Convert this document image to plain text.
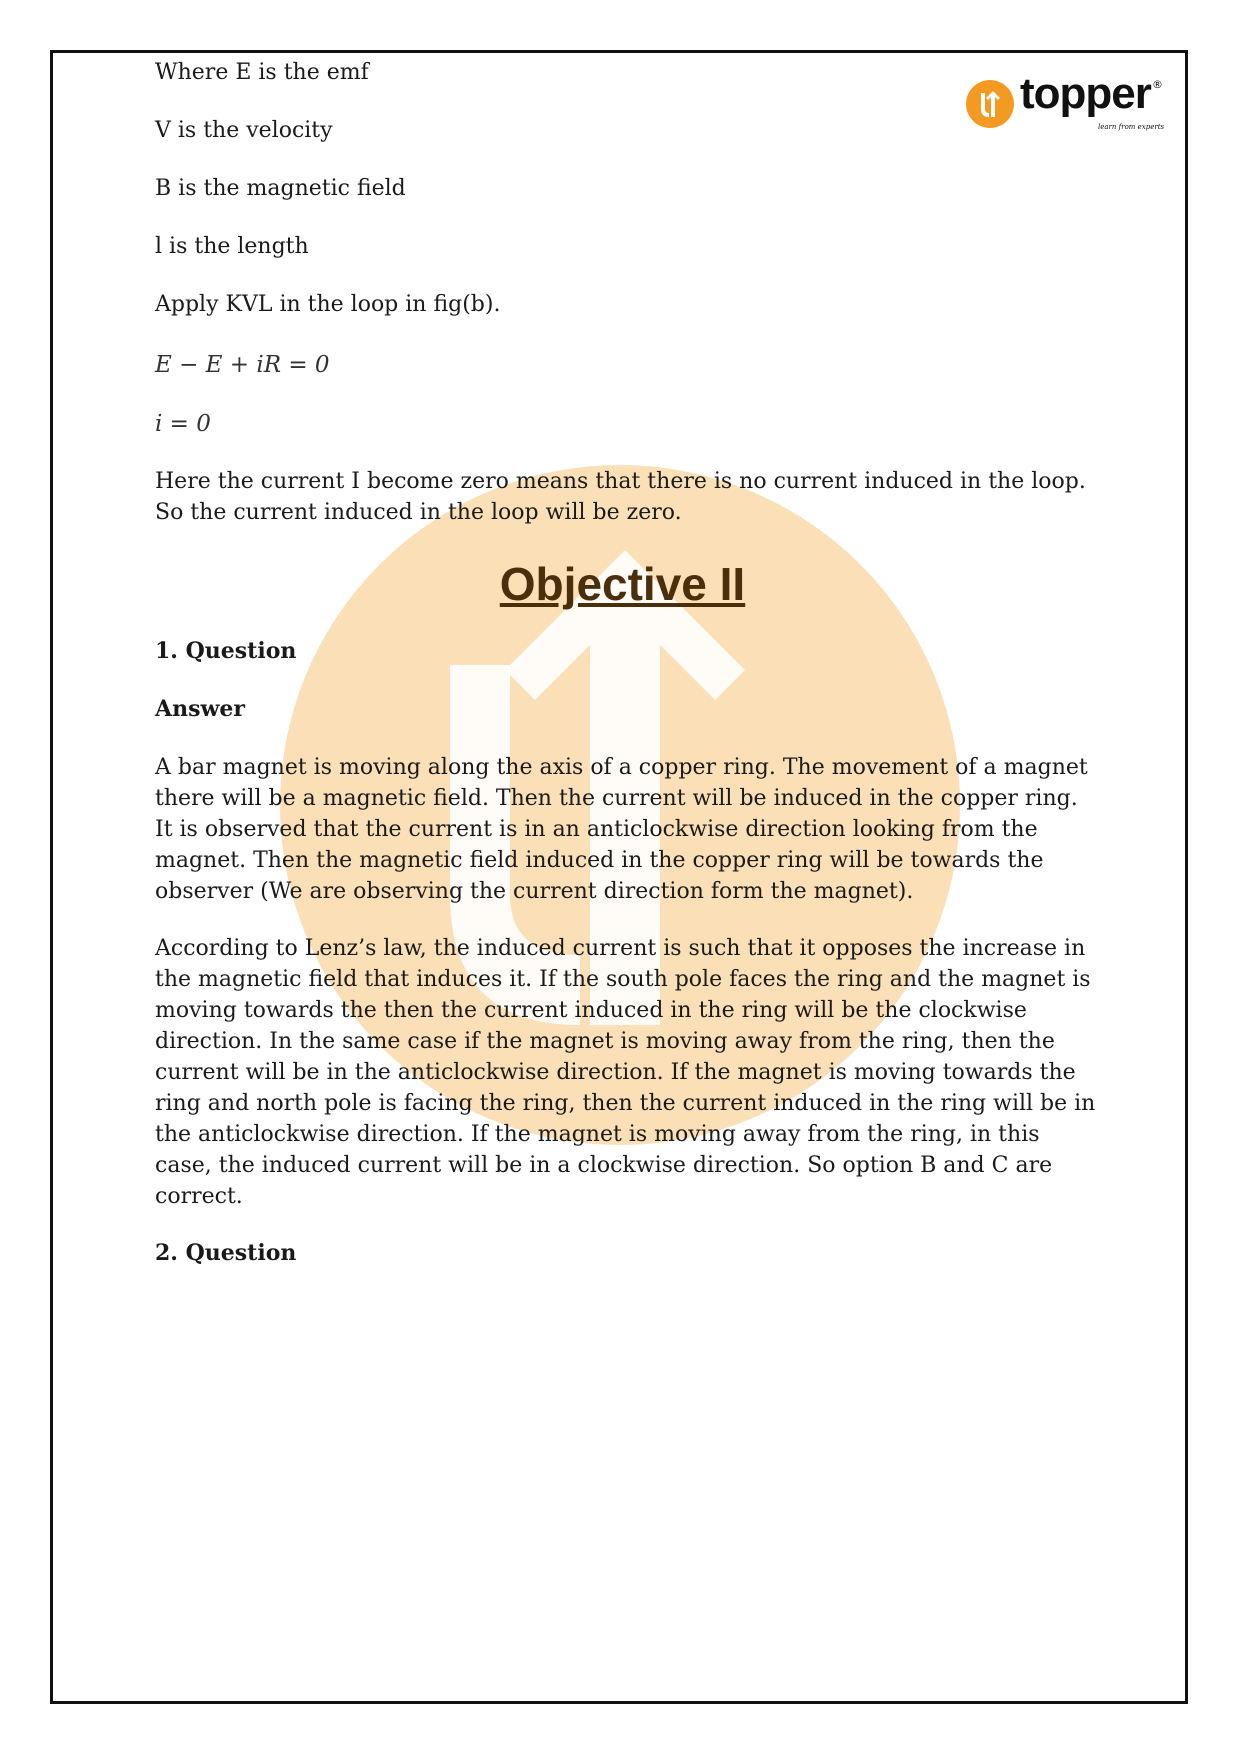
topper ®
learn from experts
Where E is the emf
V is the velocity
B is the magnetic field
l is the length
Apply KVL in the loop in fig(b).
E − E + iR = 0
i = 0
Here the current I become zero means that there is no current induced in the loop.
So the current induced in the loop will be zero.
Objective II
1. Question
Answer
A bar magnet is moving along the axis of a copper ring. The movement of a magnet
there will be a magnetic field. Then the current will be induced in the copper ring.
It is observed that the current is in an anticlockwise direction looking from the
magnet. Then the magnetic field induced in the copper ring will be towards the
observer (We are observing the current direction form the magnet).
According to Lenz’s law, the induced current is such that it opposes the increase in
the magnetic field that induces it. If the south pole faces the ring and the magnet is
moving towards the then the current induced in the ring will be the clockwise
direction. In the same case if the magnet is moving away from the ring, then the
current will be in the anticlockwise direction. If the magnet is moving towards the
ring and north pole is facing the ring, then the current induced in the ring will be in
the anticlockwise direction. If the magnet is moving away from the ring, in this
case, the induced current will be in a clockwise direction. So option B and C are
correct.
2. Question
